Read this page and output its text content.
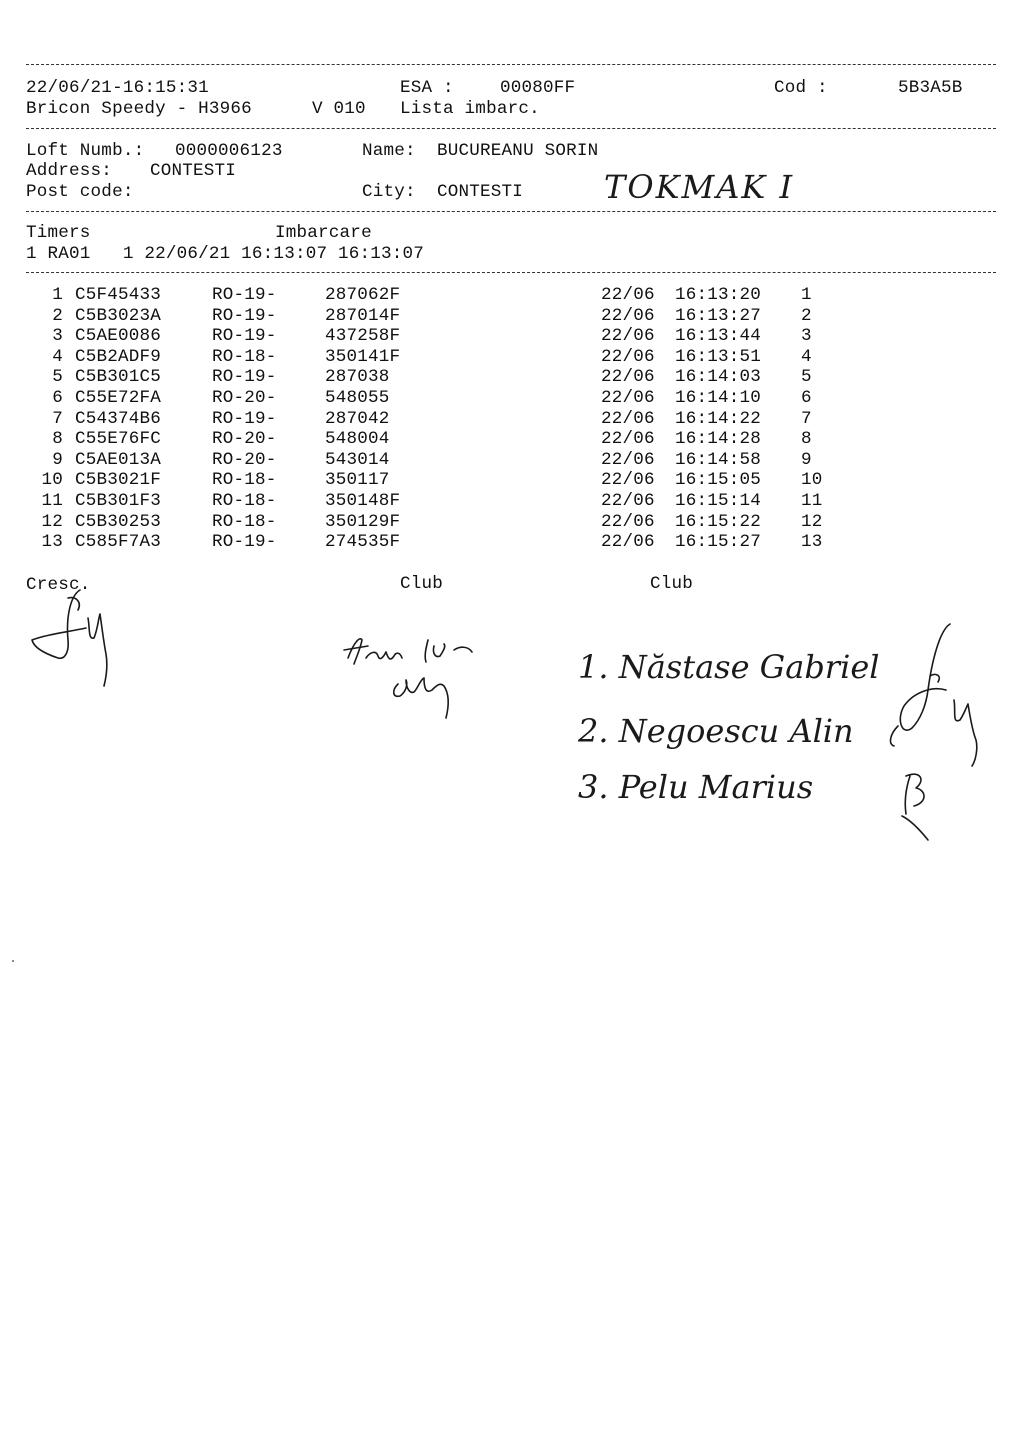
22/06/21-16:15:31	ESA :	00080FF	Cod :	5B3A5B
Bricon Speedy - H3966	V 010 Lista imbarc.
Loft Numb.: 0000006123	Name: BUCUREANU SORIN
Address: CONTESTI
Post code:	City: CONTESTI	TOKMAK I
Timers	Imbarcare
1 RA01   1 22/06/21 16:13:07 16:13:07
1 C5F45433	RO-19-	287062F	22/06 16:13:20 1
2 C5B3023A	RO-19-	287014F	22/06 16:13:27 2
3 C5AE0086	RO-19-	437258F	22/06 16:13:44 3
4 C5B2ADF9	RO-18-	350141F	22/06 16:13:51 4
5 C5B301C5	RO-19-	287038	22/06 16:14:03 5
6 C55E72FA	RO-20-	548055	22/06 16:14:10 6
7 C54374B6	RO-19-	287042	22/06 16:14:22 7
8 C55E76FC	RO-20-	548004	22/06 16:14:28 8
9 C5AE013A	RO-20-	543014	22/06 16:14:58 9
10 C5B3021F	RO-18-	350117	22/06 16:15:05 10
11 C5B301F3	RO-18-	350148F	22/06 16:15:14 11
12 C5B30253	RO-18-	350129F	22/06 16:15:22 12
13 C585F7A3	RO-19-	274535F	22/06 16:15:27 13
Cresc.	Club	Club
1. Năstase Gabriel
2. Negoescu Alin
3. Pelu Marius
